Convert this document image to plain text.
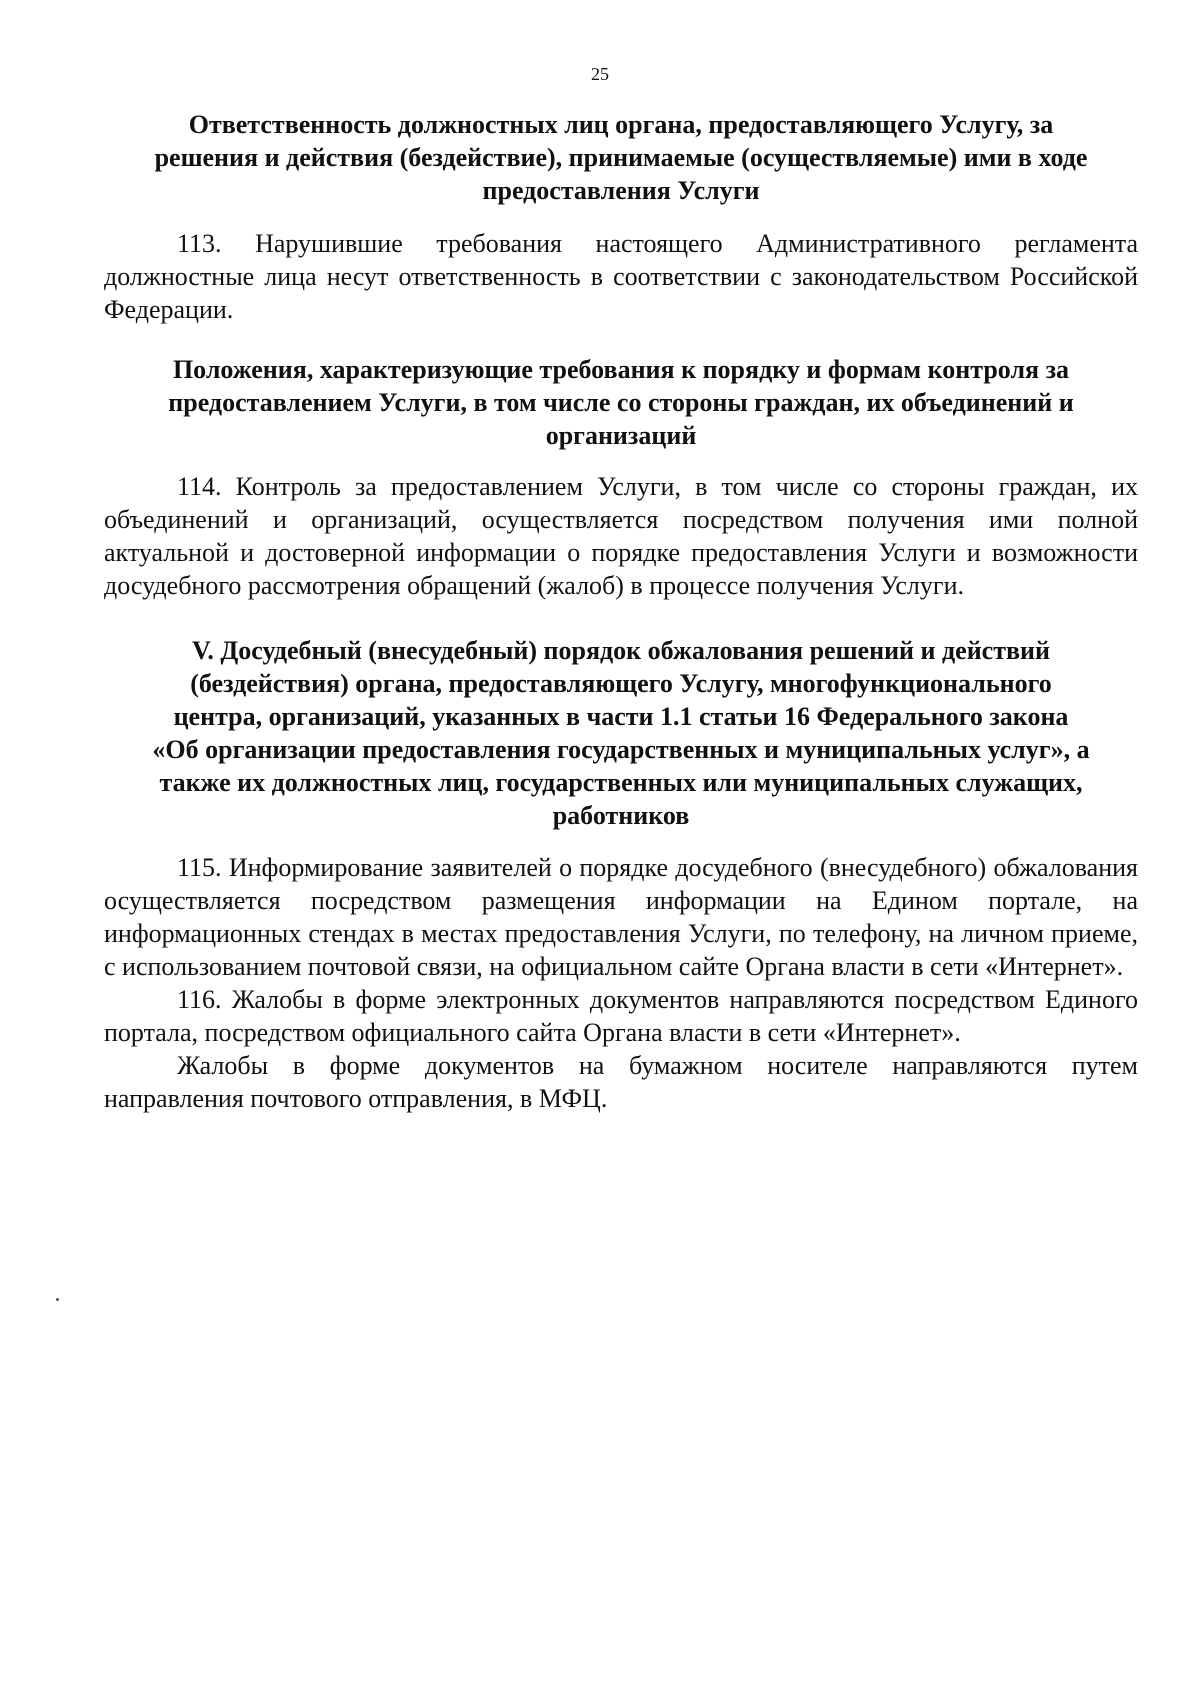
25
Ответственность должностных лиц органа, предоставляющего Услугу, за
решения и действия (бездействие), принимаемые (осуществляемые) ими в ходе
предоставления Услуги

113. Нарушившие требования настоящего Административного регламента должностные лица несут ответственность в соответствии с законодательством Российской Федерации.

Положения, характеризующие требования к порядку и формам контроля за
предоставлением Услуги, в том числе со стороны граждан, их объединений и
организаций

114. Контроль за предоставлением Услуги, в том числе со стороны граждан, их объединений и организаций, осуществляется посредством получения ими полной актуальной и достоверной информации о порядке предоставления Услуги и возможности досудебного рассмотрения обращений (жалоб) в процессе получения Услуги.

V. Досудебный (внесудебный) порядок обжалования решений и действий
(бездействия) органа, предоставляющего Услугу, многофункционального
центра, организаций, указанных в части 1.1 статьи 16 Федерального закона
«Об организации предоставления государственных и муниципальных услуг», а
также их должностных лиц, государственных или муниципальных служащих,
работников

115. Информирование заявителей о порядке досудебного (внесудебного) обжалования осуществляется посредством размещения информации на Едином портале, на информационных стендах в местах предоставления Услуги, по телефону, на личном приеме, с использованием почтовой связи, на официальном сайте Органа власти в сети «Интернет».

116. Жалобы в форме электронных документов направляются посредством Единого портала, посредством официального сайта Органа власти в сети «Интернет».

Жалобы в форме документов на бумажном носителе направляются путем направления почтового отправления, в МФЦ.
